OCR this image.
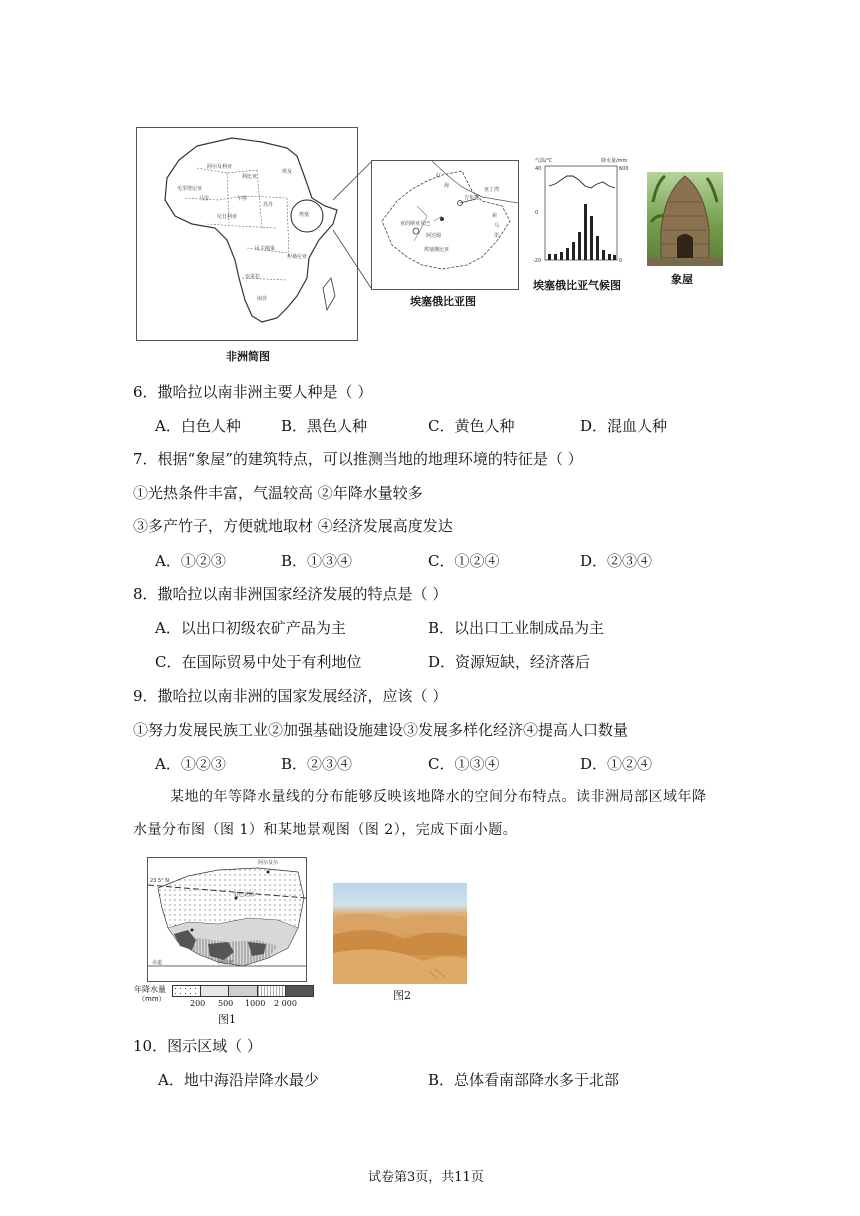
阿尔及利亚
利比亚
埃及
毛里塔尼亚
马里	乍得
苏丹
尼日利亚	埃塞
民主刚果
坦桑尼亚
安哥拉
南非
非洲简图
红
海
亚丁湾
吉布提
索
马
里
亚的斯亚贝巴
阿达姆
埃塞俄比亚
埃塞俄比亚图
气温/℃	降水量/mm
40
0
-20
600
0
埃塞俄比亚气候图	象屋
6．撒哈拉以南非洲主要人种是（ ）
A．白色人种	B．黑色人种	C．黄色人种	D．混血人种
7．根据“象屋”的建筑特点，可以推测当地的地理环境的特征是（ ）
①光热条件丰富，气温较高 ②年降水量较多
③多产竹子，方便就地取材 ④经济发展高度发达
A．①②③	B．①③④	C．①②④	D．②③④
8．撒哈拉以南非洲国家经济发展的特点是（ ）
A．以出口初级农矿产品为主	B．以出口工业制成品为主
C．在国际贸易中处于有利地位	D．资源短缺，经济落后
9．撒哈拉以南非洲的国家发展经济，应该（ ）
①努力发展民族工业②加强基础设施建设③发展多样化经济④提高人口数量
A．①②③	B．②③④	C．①③④	D．①②④
某地的年等降水量线的分布能够反映该地降水的空间分布特点。读非洲局部区域年降
水量分布图（图 1）和某地景观图（图 2），完成下面小题。
阿尔及尔
23.5° N
赤道	阿伯查
廷巴克图
年降水量
（mm）	200 500 1000 2 000
图1
图2
10．图示区域（ ）
A．地中海沿岸降水最少	B．总体看南部降水多于北部
试卷第3页，共11页
